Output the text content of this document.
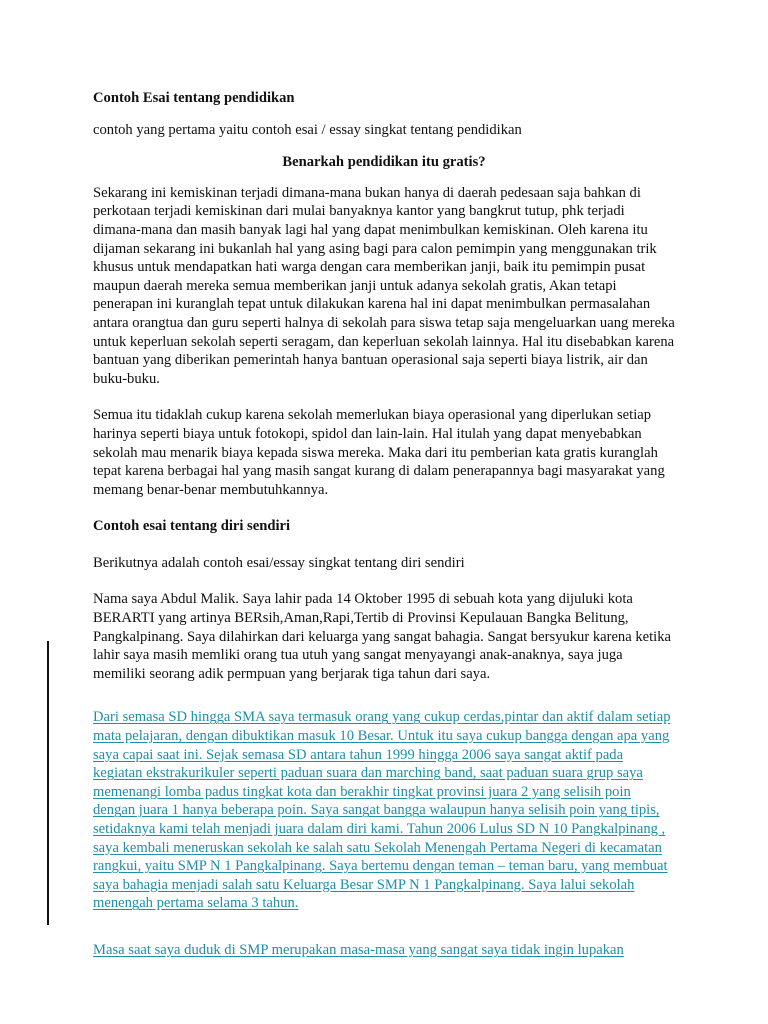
Contoh Esai tentang pendidikan

contoh yang pertama yaitu contoh esai / essay singkat tentang pendidikan

Benarkah pendidikan itu gratis?

Sekarang ini kemiskinan terjadi dimana-mana bukan hanya di daerah pedesaan saja bahkan di perkotaan terjadi kemiskinan dari mulai banyaknya kantor yang bangkrut tutup, phk terjadi dimana-mana dan masih banyak lagi hal yang dapat menimbulkan kemiskinan. Oleh karena itu dijaman sekarang ini bukanlah hal yang asing bagi para calon pemimpin yang menggunakan trik khusus untuk mendapatkan hati warga dengan cara memberikan janji, baik itu pemimpin pusat maupun daerah mereka semua memberikan janji untuk adanya sekolah gratis, Akan tetapi penerapan ini kuranglah tepat untuk dilakukan karena hal ini dapat menimbulkan permasalahan antara orangtua dan guru seperti halnya di sekolah para siswa tetap saja mengeluarkan uang mereka untuk keperluan sekolah seperti seragam, dan keperluan sekolah lainnya. Hal itu disebabkan karena bantuan yang diberikan pemerintah hanya bantuan operasional saja seperti biaya listrik, air dan buku-buku.

Semua itu tidaklah cukup karena sekolah memerlukan biaya operasional yang diperlukan setiap harinya seperti biaya untuk fotokopi, spidol dan lain-lain. Hal itulah yang dapat menyebabkan sekolah mau menarik biaya kepada siswa mereka. Maka dari itu pemberian kata gratis kuranglah tepat karena berbagai hal yang masih sangat kurang di dalam penerapannya bagi masyarakat yang memang benar-benar membutuhkannya.

Contoh esai tentang diri sendiri

Berikutnya adalah contoh esai/essay singkat tentang diri sendiri

Nama saya Abdul Malik. Saya lahir pada 14 Oktober 1995 di sebuah kota yang dijuluki kota BERARTI yang artinya BERsih,Aman,Rapi,Tertib di Provinsi Kepulauan Bangka Belitung, Pangkalpinang. Saya dilahirkan dari keluarga yang sangat bahagia. Sangat bersyukur karena ketika lahir saya masih memliki orang tua utuh yang sangat menyayangi anak-anaknya, saya juga memiliki seorang adik permpuan yang berjarak tiga tahun dari saya.

Dari semasa SD hingga SMA saya termasuk orang yang cukup cerdas,pintar dan aktif dalam setiap mata pelajaran, dengan dibuktikan masuk 10 Besar. Untuk itu saya cukup bangga dengan apa yang saya capai saat ini. Sejak semasa SD antara tahun 1999 hingga 2006 saya sangat aktif pada kegiatan ekstrakurikuler seperti paduan suara dan marching band, saat paduan suara grup saya memenangi lomba padus tingkat kota dan berakhir tingkat provinsi juara 2 yang selisih poin dengan juara 1 hanya beberapa poin. Saya sangat bangga walaupun hanya selisih poin yang tipis, setidaknya kami telah menjadi juara dalam diri kami. Tahun 2006 Lulus SD N 10 Pangkalpinang , saya kembali meneruskan sekolah ke salah satu Sekolah Menengah Pertama Negeri di kecamatan rangkui, yaitu SMP N 1 Pangkalpinang. Saya bertemu dengan teman – teman baru, yang membuat saya bahagia menjadi salah satu Keluarga Besar SMP N 1 Pangkalpinang. Saya lalui sekolah menengah pertama selama 3 tahun.

Masa saat saya duduk di SMP merupakan masa-masa yang sangat saya tidak ingin lupakan
